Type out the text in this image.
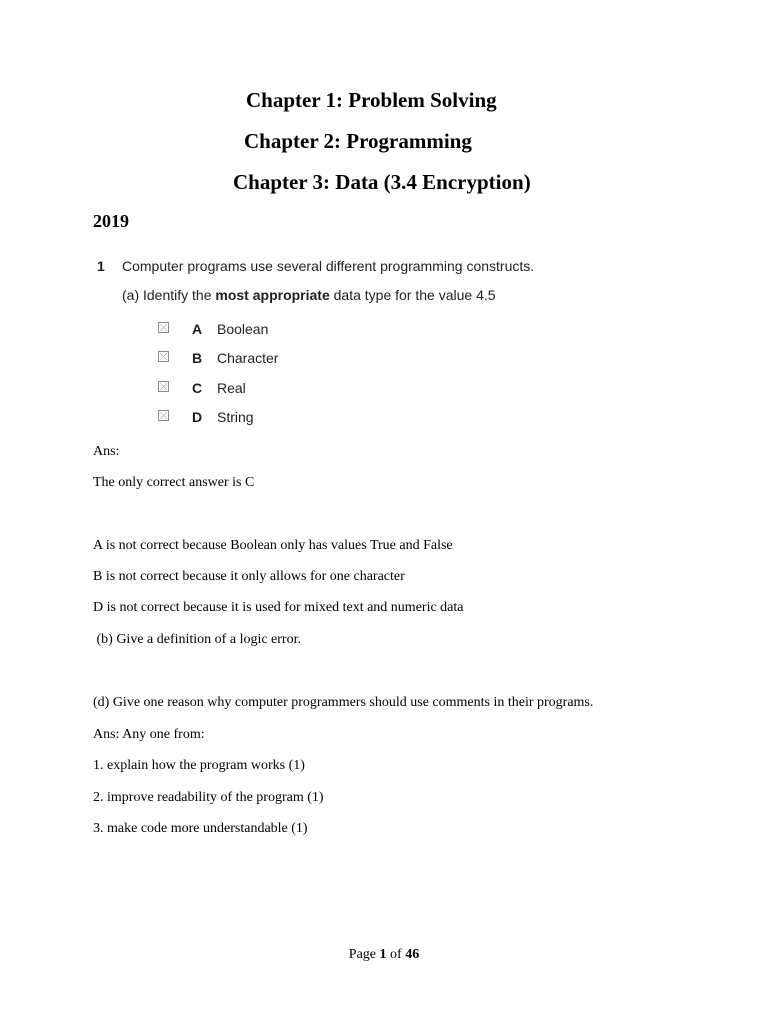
Chapter 1: Problem Solving
Chapter 2: Programming
Chapter 3: Data (3.4 Encryption)
2019
1 Computer programs use several different programming constructs.
(a) Identify the most appropriate data type for the value 4.5
A Boolean
B Character
C Real
D String
Ans:
The only correct answer is C
A is not correct because Boolean only has values True and False
B is not correct because it only allows for one character
D is not correct because it is used for mixed text and numeric data
(b) Give a definition of a logic error.
(d) Give one reason why computer programmers should use comments in their programs.
Ans: Any one from:
1. explain how the program works (1)
2. improve readability of the program (1)
3. make code more understandable (1)
Page 1 of 46
